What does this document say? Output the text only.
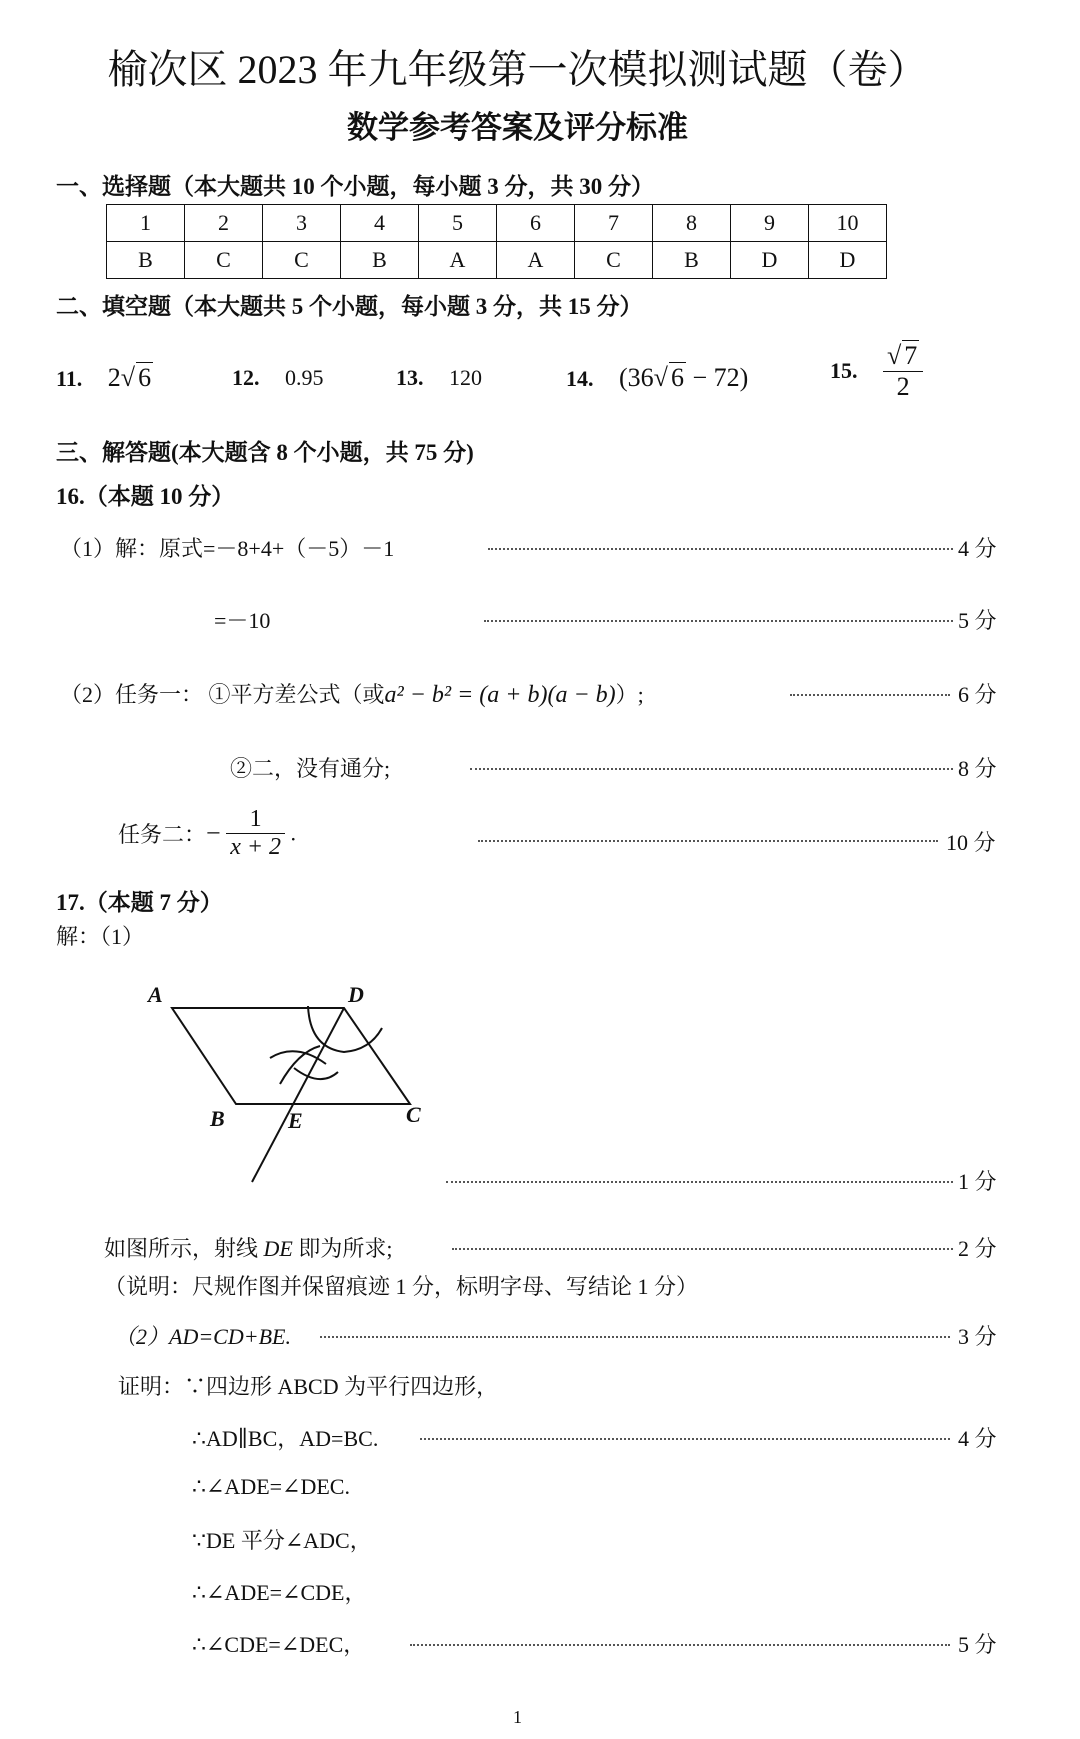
榆次区 2023 年九年级第一次模拟测试题（卷）
数学参考答案及评分标准
一、选择题（本大题共 10 个小题，每小题 3 分，共 30 分）
1	2	3	4	5	6	7	8	9	10
B	C	C	B	A	A	C	B	D	D
二、填空题（本大题共 5 个小题，每小题 3 分，共 15 分）
11. 2√ 6	12. 0.95	13. 120	14. (36√ 6 − 72)	15. $\frac{√ 7}{2}$
三、解答题(本大题含 8 个小题，共 75 分)
16.（本题 10 分）
（1）解：原式=－8+4+（－5）－1	4 分
=－10	5 分
（2）任务一： ①平方差公式（或a² − b² = (a + b)(a − b)）;	6 分
②二，没有通分;	8 分
任务二：− $\frac{1}{x + 2}$ .	10 分
17.（本题 7 分）
解：（1）
A	D
B	E	C
1 分
如图所示，射线 DE 即为所求;	2 分
（说明：尺规作图并保留痕迹 1 分，标明字母、写结论 1 分）
（2）AD=CD+BE.	3 分
证明：∵四边形 ABCD 为平行四边形，
∴AD∥BC，AD=BC.	4 分
∴∠ADE=∠DEC.
∵DE 平分∠ADC，
∴∠ADE=∠CDE，
∴∠CDE=∠DEC，	5 分
1
